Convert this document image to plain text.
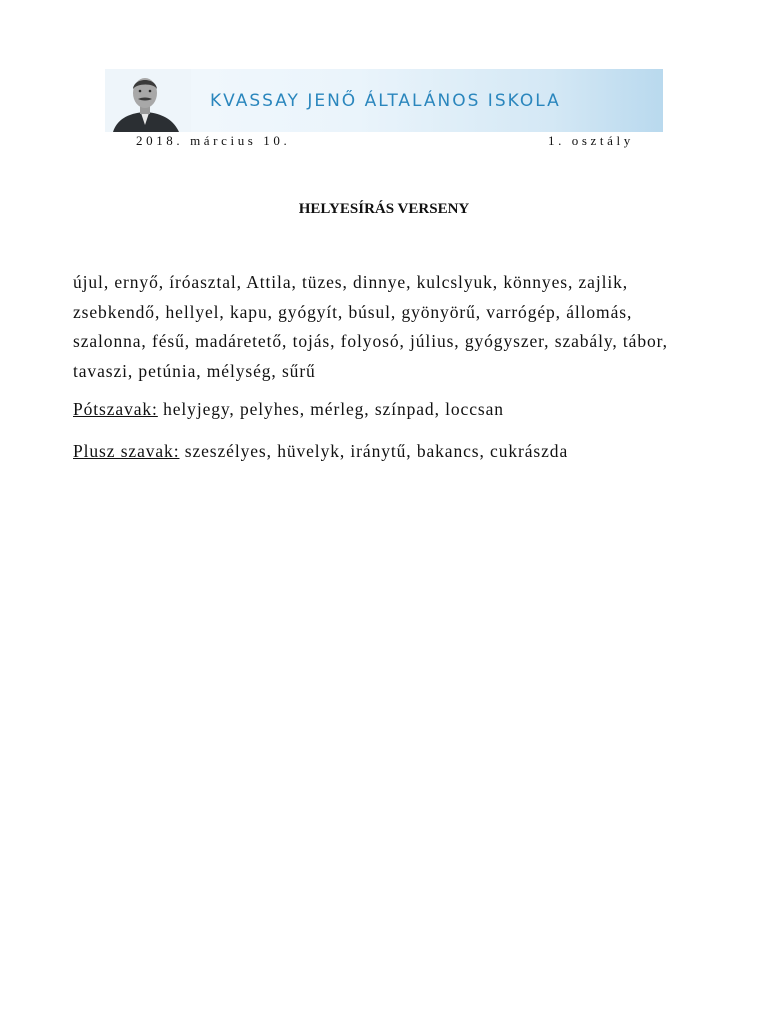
KVASSAY JENŐ ÁLTALÁNOS ISKOLA
2018. március 10.	1. osztály
HELYESÍRÁS VERSENY
újul, ernyő, íróasztal, Attila, tüzes, dinnye, kulcslyuk, könnyes, zajlik, zsebkendő, hellyel, kapu, gyógyít, búsul, gyönyörű, varrógép, állomás, szalonna, fésű, madáretető, tojás, folyosó, július, gyógyszer, szabály, tábor, tavaszi, petúnia, mélység, sűrű
Pótszavak: helyjegy, pelyhes, mérleg, színpad, loccsan
Plusz szavak: szeszélyes, hüvelyk, iránytű, bakancs, cukrászda
